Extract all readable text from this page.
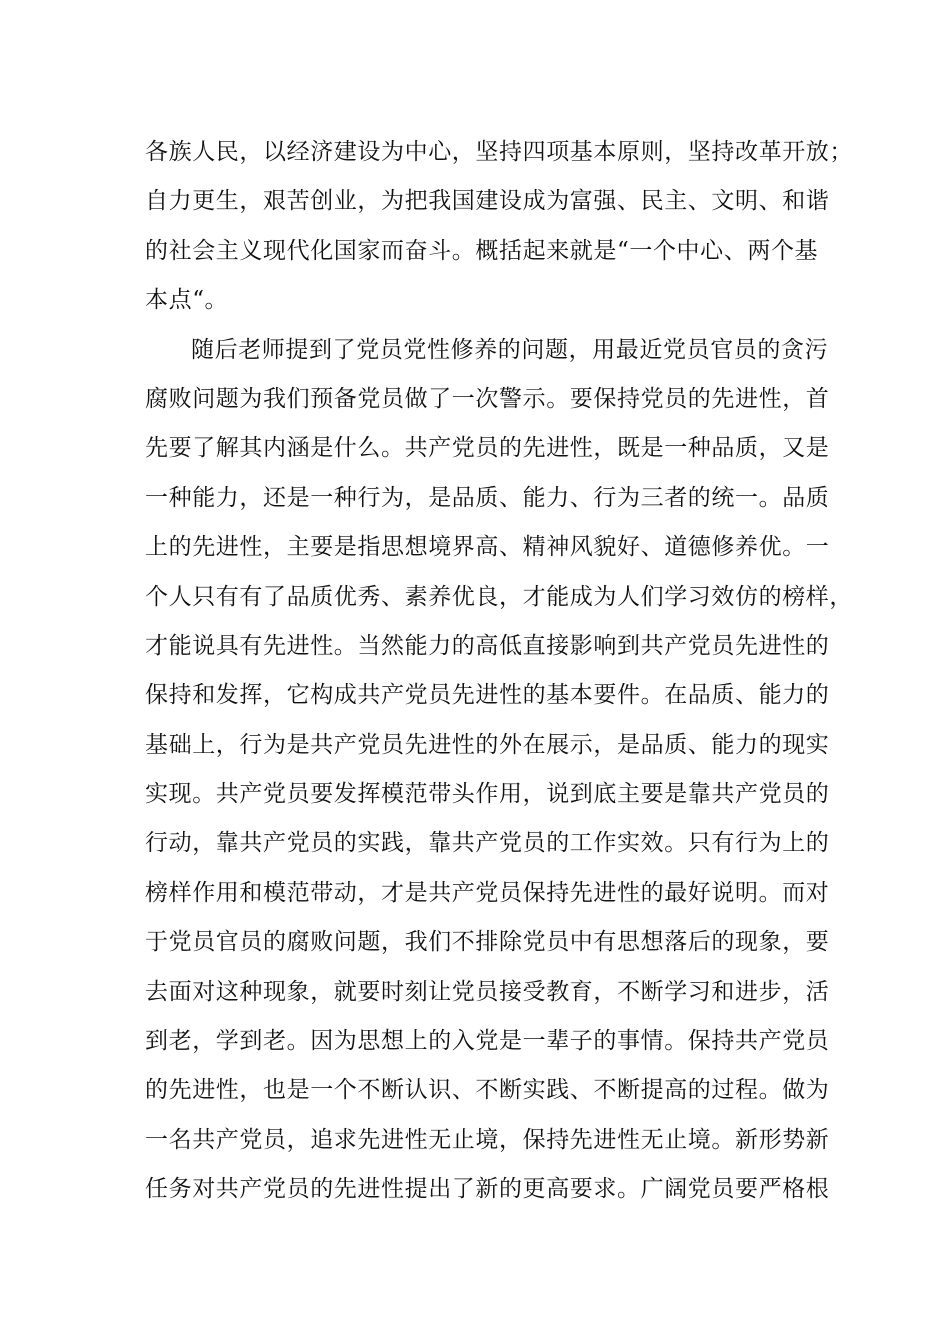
各族人民，以经济建设为中心，坚持四项基本原则，坚持改革开放；
自力更生，艰苦创业，为把我国建设成为富强、民主、文明、和谐
的社会主义现代化国家而奋斗。概括起来就是“一个中心、两个基
本点“。
随后老师提到了党员党性修养的问题，用最近党员官员的贪污
腐败问题为我们预备党员做了一次警示。要保持党员的先进性，首
先要了解其内涵是什么。共产党员的先进性，既是一种品质，又是
一种能力，还是一种行为，是品质、能力、行为三者的统一。品质
上的先进性，主要是指思想境界高、精神风貌好、道德修养优。一
个人只有有了品质优秀、素养优良，才能成为人们学习效仿的榜样，
才能说具有先进性。当然能力的高低直接影响到共产党员先进性的
保持和发挥，它构成共产党员先进性的基本要件。在品质、能力的
基础上，行为是共产党员先进性的外在展示，是品质、能力的现实
实现。共产党员要发挥模范带头作用，说到底主要是靠共产党员的
行动，靠共产党员的实践，靠共产党员的工作实效。只有行为上的
榜样作用和模范带动，才是共产党员保持先进性的最好说明。而对
于党员官员的腐败问题，我们不排除党员中有思想落后的现象，要
去面对这种现象，就要时刻让党员接受教育，不断学习和进步，活
到老，学到老。因为思想上的入党是一辈子的事情。保持共产党员
的先进性，也是一个不断认识、不断实践、不断提高的过程。做为
一名共产党员，追求先进性无止境，保持先进性无止境。新形势新
任务对共产党员的先进性提出了新的更高要求。广阔党员要严格根
